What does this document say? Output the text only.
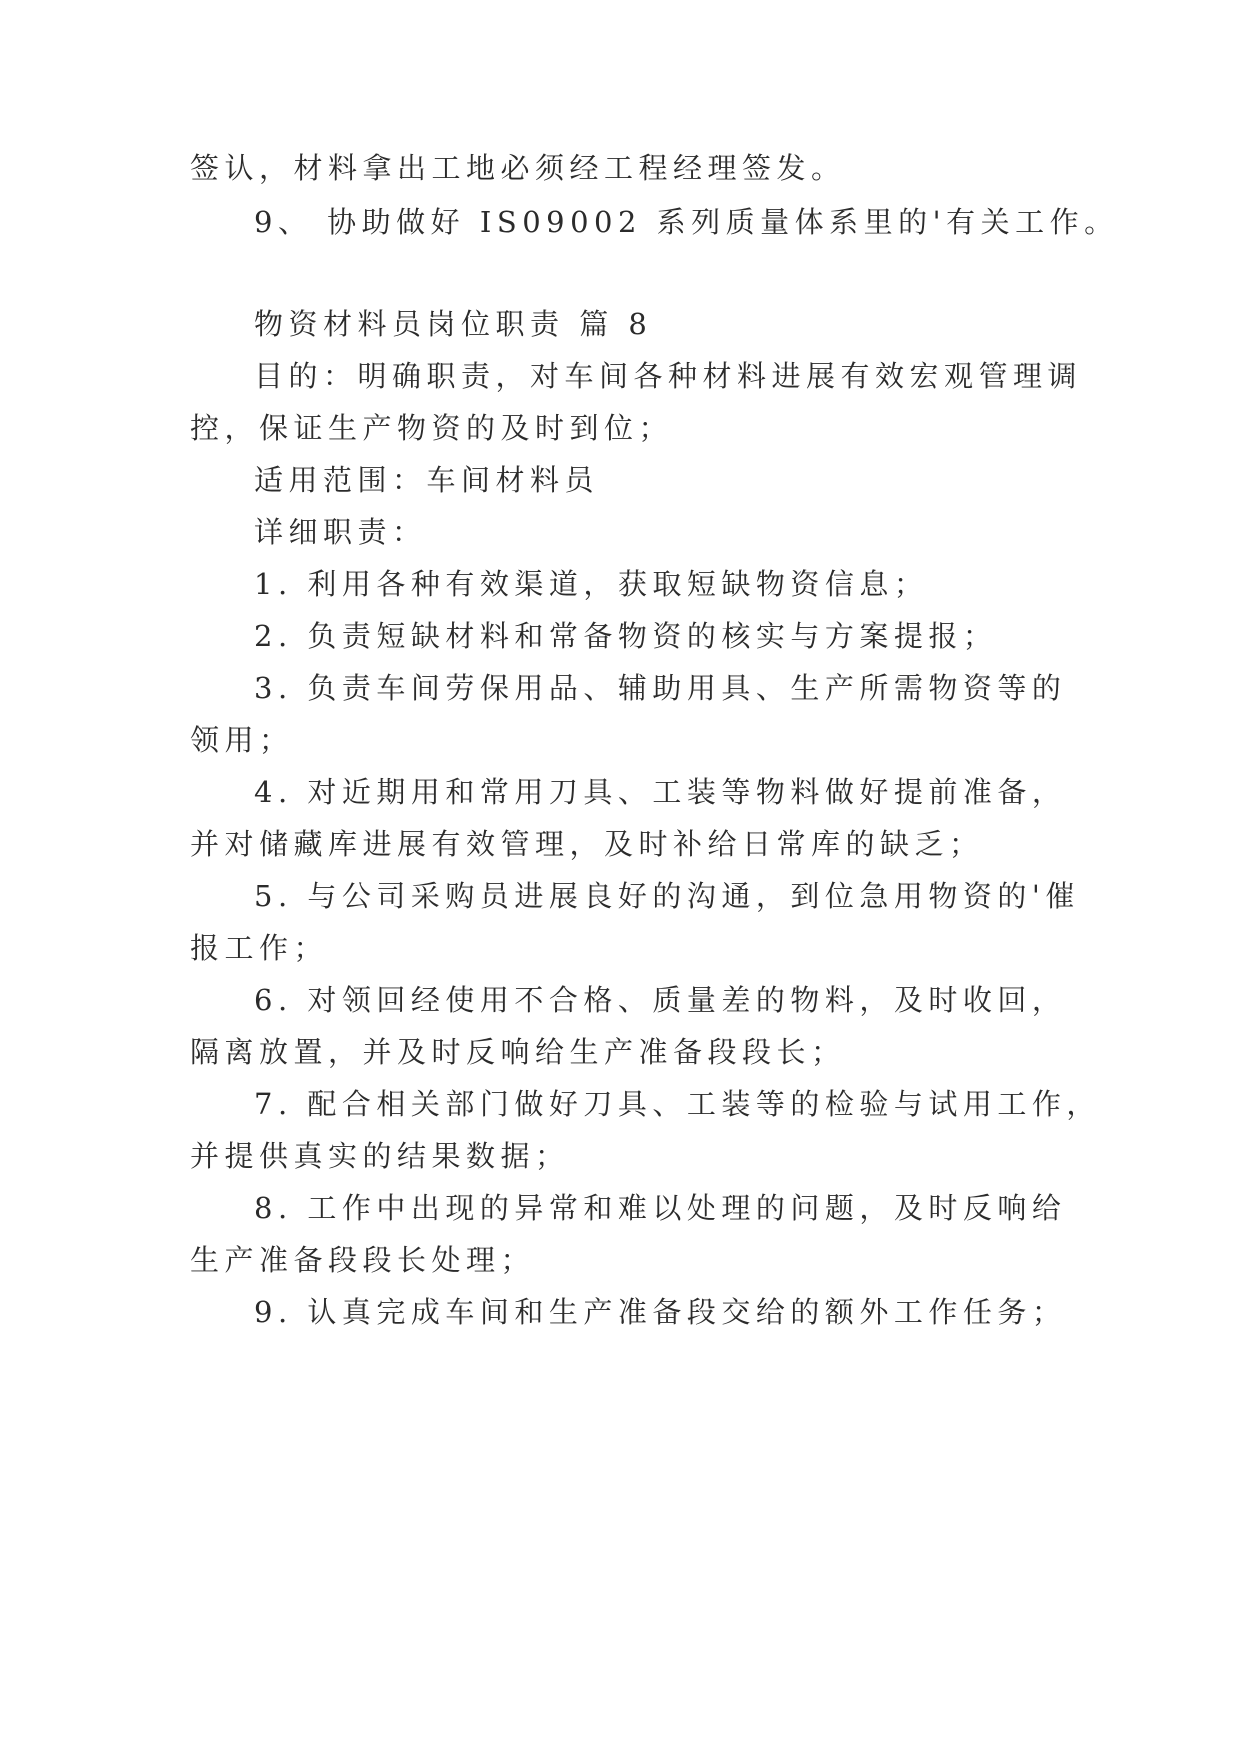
签认，材料拿出工地必须经工程经理签发。
9、 协助做好 IS09002 系列质量体系里的'有关工作。
物资材料员岗位职责 篇 8
目的：明确职责，对车间各种材料进展有效宏观管理调
控，保证生产物资的及时到位；
适用范围：车间材料员
详细职责：
1. 利用各种有效渠道，获取短缺物资信息；
2. 负责短缺材料和常备物资的核实与方案提报；
3. 负责车间劳保用品、辅助用具、生产所需物资等的
领用；
4. 对近期用和常用刀具、工装等物料做好提前准备，
并对储藏库进展有效管理，及时补给日常库的缺乏；
5. 与公司采购员进展良好的沟通，到位急用物资的'催
报工作；
6. 对领回经使用不合格、质量差的物料，及时收回，
隔离放置，并及时反响给生产准备段段长；
7. 配合相关部门做好刀具、工装等的检验与试用工作，
并提供真实的结果数据；
8. 工作中出现的异常和难以处理的问题，及时反响给
生产准备段段长处理；
9. 认真完成车间和生产准备段交给的额外工作任务；
